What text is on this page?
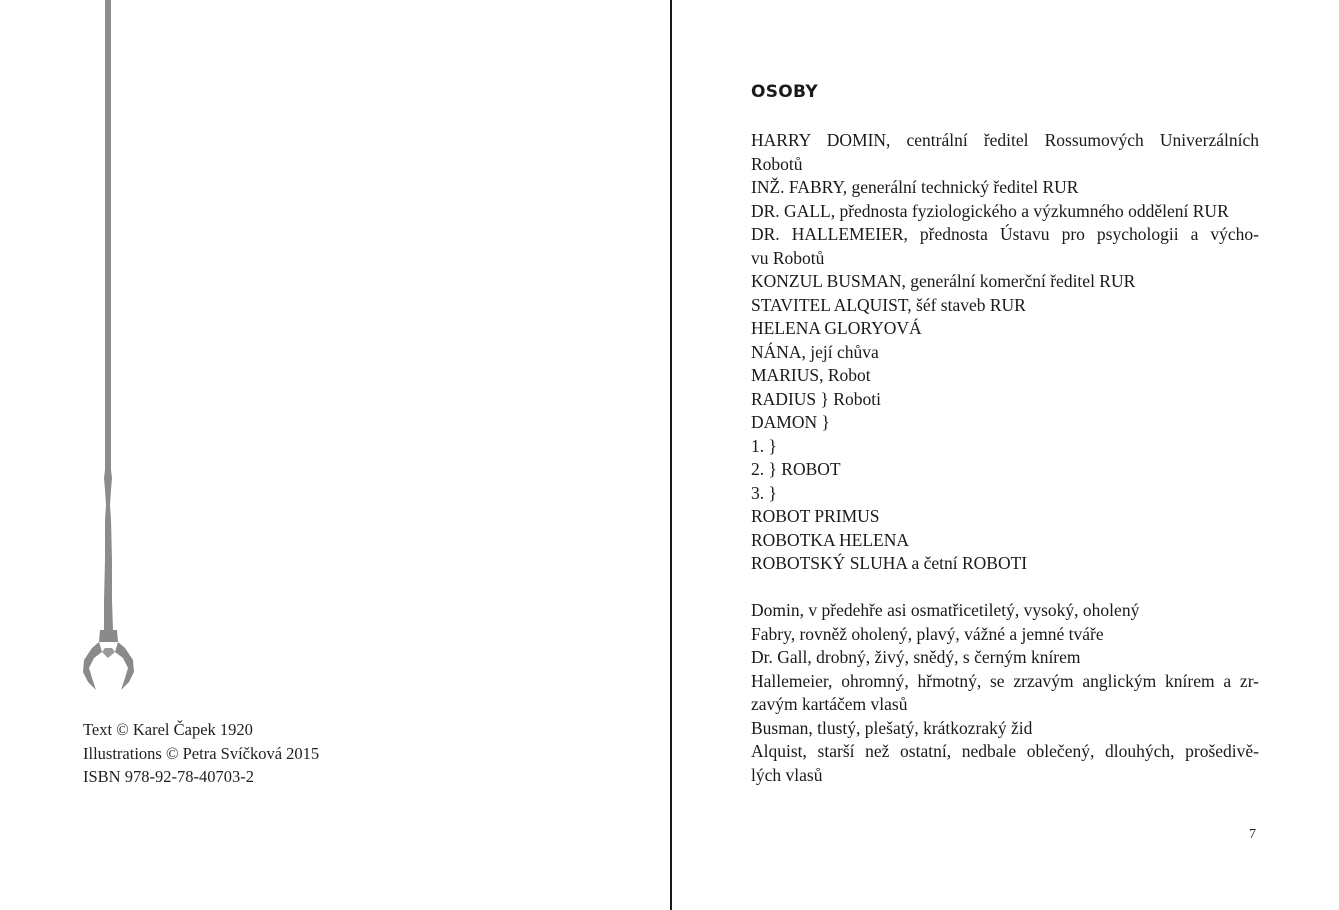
Text © Karel Čapek 1920
Illustrations © Petra Svíčková 2015
ISBN 978-92-78-40703-2
OSOBY
HARRY DOMIN, centrální ředitel Rossumových Univerzálních
Robotů
INŽ. FABRY, generální technický ředitel RUR
DR. GALL, přednosta fyziologického a výzkumného oddělení RUR
DR. HALLEMEIER, přednosta Ústavu pro psychologii a výcho-
vu Robotů
KONZUL BUSMAN, generální komerční ředitel RUR
STAVITEL ALQUIST, šéf staveb RUR
HELENA GLORYOVÁ
NÁNA, její chůva
MARIUS, Robot
RADIUS } Roboti
DAMON }
1. }
2. } ROBOT
3. }
ROBOT PRIMUS
ROBOTKA HELENA
ROBOTSKÝ SLUHA a četní ROBOTI
Domin, v předehře asi osmatřicetiletý, vysoký, oholený
Fabry, rovněž oholený, plavý, vážné a jemné tváře
Dr. Gall, drobný, živý, snědý, s černým knírem
Hallemeier, ohromný, hřmotný, se zrzavým anglickým knírem a zr-
zavým kartáčem vlasů
Busman, tlustý, plešatý, krátkozraký žid
Alquist, starší než ostatní, nedbale oblečený, dlouhých, prošedivě-
lých vlasů
7
